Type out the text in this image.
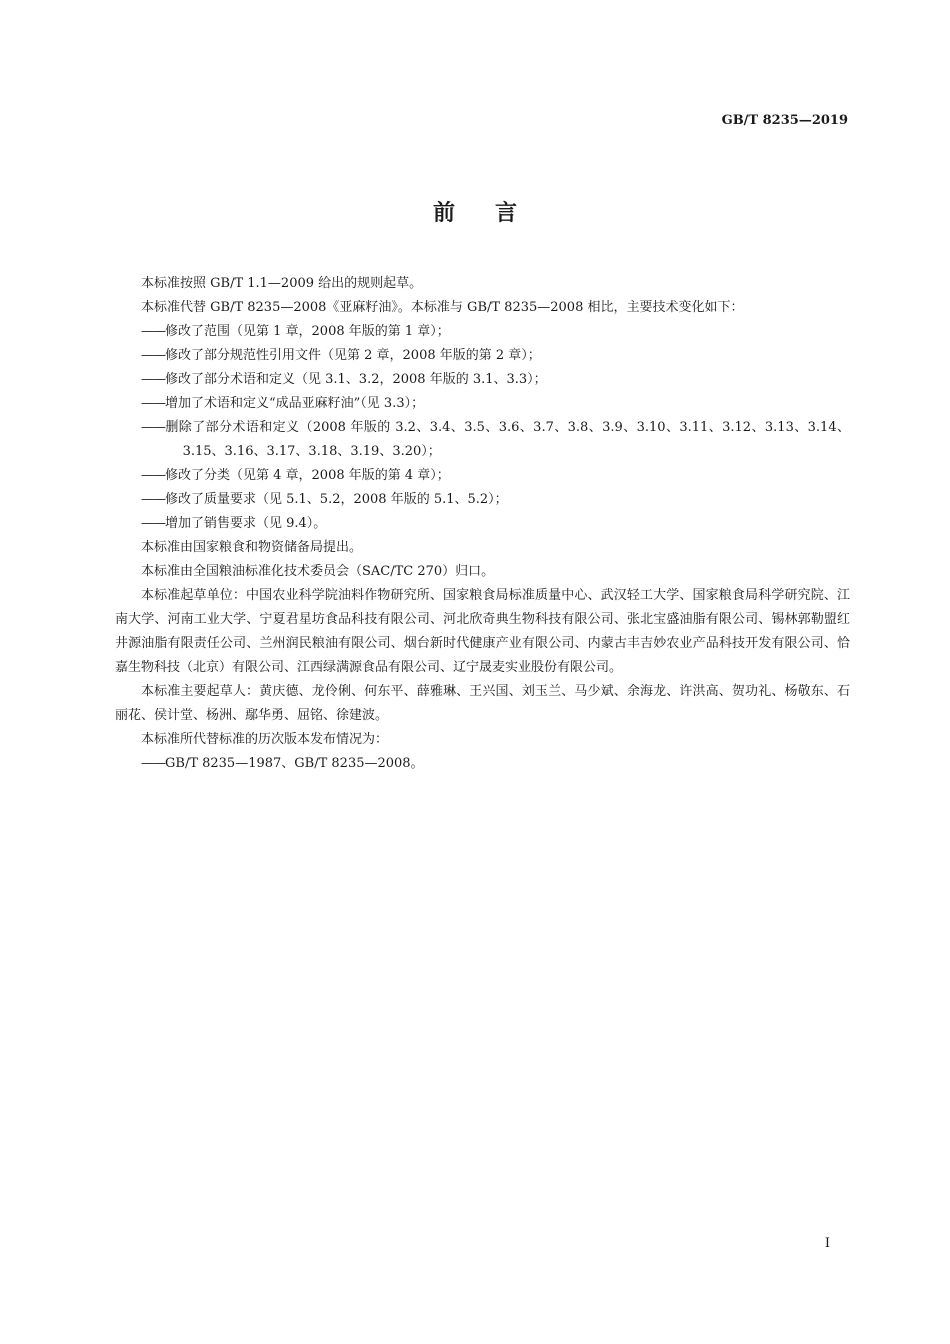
GB/T 8235—2019
前言

本标准按照 GB/T 1.1—2009 给出的规则起草。

本标准代替 GB/T 8235—2008《亚麻籽油》。本标准与 GB/T 8235—2008 相比，主要技术变化如下：

——修改了范围（见第 1 章，2008 年版的第 1 章）；

——修改了部分规范性引用文件（见第 2 章，2008 年版的第 2 章）；

——修改了部分术语和定义（见 3.1、3.2，2008 年版的 3.1、3.3）；

——增加了术语和定义“成品亚麻籽油”（见 3.3）；

——删除了部分术语和定义（2008 年版的 3.2、3.4、3.5、3.6、3.7、3.8、3.9、3.10、3.11、3.12、3.13、3.14、3.15、3.16、3.17、3.18、3.19、3.20）；

——修改了分类（见第 4 章，2008 年版的第 4 章）；

——修改了质量要求（见 5.1、5.2，2008 年版的 5.1、5.2）；

——增加了销售要求（见 9.4）。

本标准由国家粮食和物资储备局提出。

本标准由全国粮油标准化技术委员会（SAC/TC 270）归口。

本标准起草单位：中国农业科学院油料作物研究所、国家粮食局标准质量中心、武汉轻工大学、国家粮食局科学研究院、江南大学、河南工业大学、宁夏君星坊食品科技有限公司、河北欣奇典生物科技有限公司、张北宝盛油脂有限公司、锡林郭勒盟红井源油脂有限责任公司、兰州润民粮油有限公司、烟台新时代健康产业有限公司、内蒙古丰吉妙农业产品科技开发有限公司、恰嘉生物科技（北京）有限公司、江西绿满源食品有限公司、辽宁晟麦实业股份有限公司。

本标准主要起草人：黄庆德、龙伶俐、何东平、薛雅琳、王兴国、刘玉兰、马少斌、余海龙、许洪高、贺功礼、杨敬东、石丽花、侯计堂、杨洲、鄢华勇、屈铭、徐建波。

本标准所代替标准的历次版本发布情况为：

——GB/T 8235—1987、GB/T 8235—2008。

I
